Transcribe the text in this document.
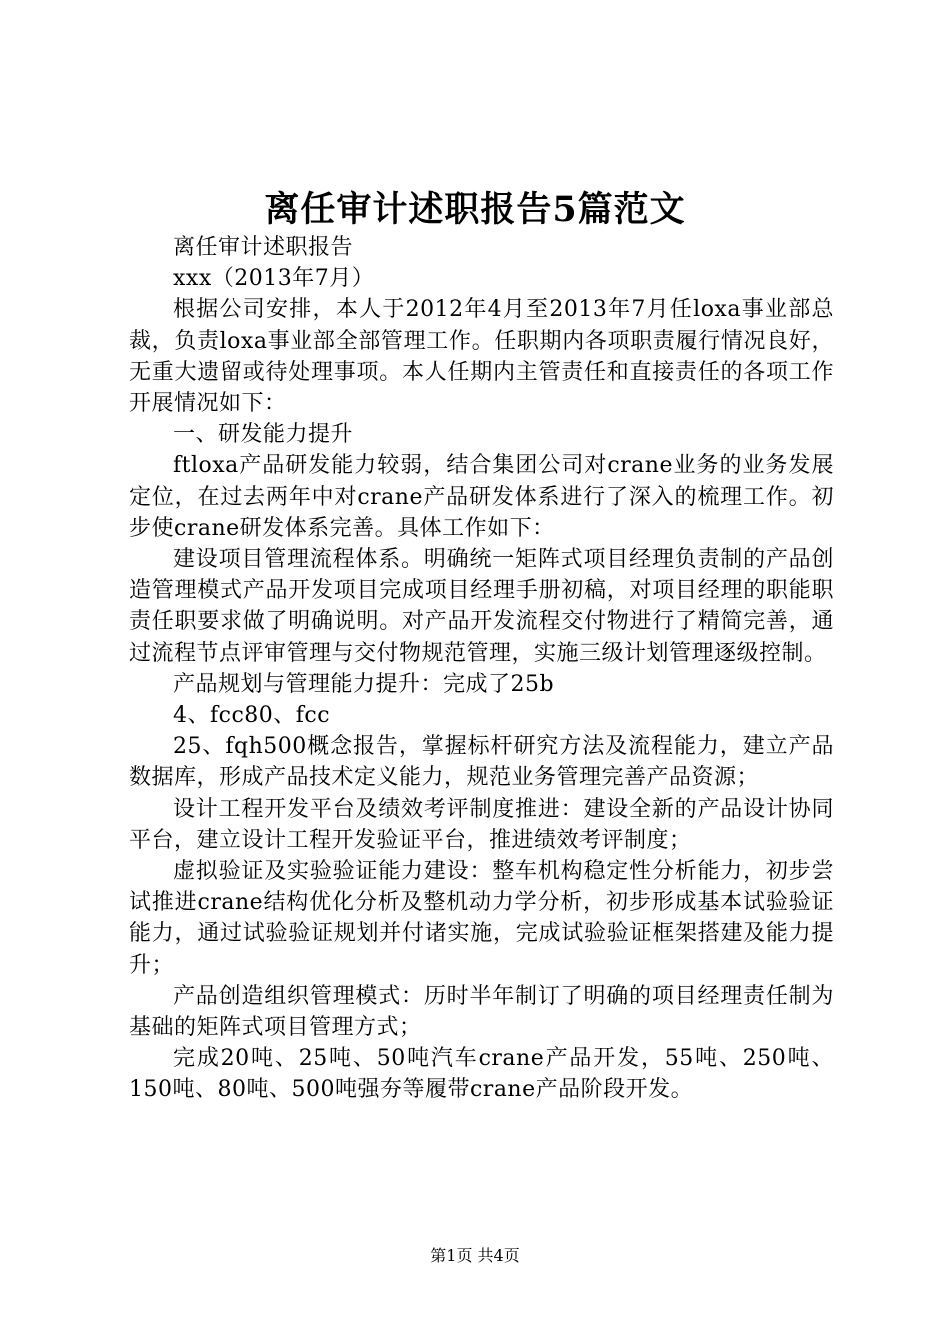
离任审计述职报告5篇范文

离任审计述职报告

xxx（2013年7月）

根据公司安排，本人于2012年4月至2013年7月任loxa事业部总裁，负责loxa事业部全部管理工作。任职期内各项职责履行情况良好，无重大遗留或待处理事项。本人任期内主管责任和直接责任的各项工作开展情况如下：

一、研发能力提升

ftloxa产品研发能力较弱，结合集团公司对crane业务的业务发展定位，在过去两年中对crane产品研发体系进行了深入的梳理工作。初步使crane研发体系完善。具体工作如下：

建设项目管理流程体系。明确统一矩阵式项目经理负责制的产品创造管理模式产品开发项目完成项目经理手册初稿，对项目经理的职能职责任职要求做了明确说明。对产品开发流程交付物进行了精简完善，通过流程节点评审管理与交付物规范管理，实施三级计划管理逐级控制。

产品规划与管理能力提升：完成了25b

4、fcc80、fcc

25、fqh500概念报告，掌握标杆研究方法及流程能力，建立产品数据库，形成产品技术定义能力，规范业务管理完善产品资源；

设计工程开发平台及绩效考评制度推进：建设全新的产品设计协同平台，建立设计工程开发验证平台，推进绩效考评制度；

虚拟验证及实验验证能力建设：整车机构稳定性分析能力，初步尝试推进crane结构优化分析及整机动力学分析，初步形成基本试验验证能力，通过试验验证规划并付诸实施，完成试验验证框架搭建及能力提升；

产品创造组织管理模式：历时半年制订了明确的项目经理责任制为基础的矩阵式项目管理方式；

完成20吨、25吨、50吨汽车crane产品开发，55吨、250吨、150吨、80吨、500吨强夯等履带crane产品阶段开发。

第1页 共4页
